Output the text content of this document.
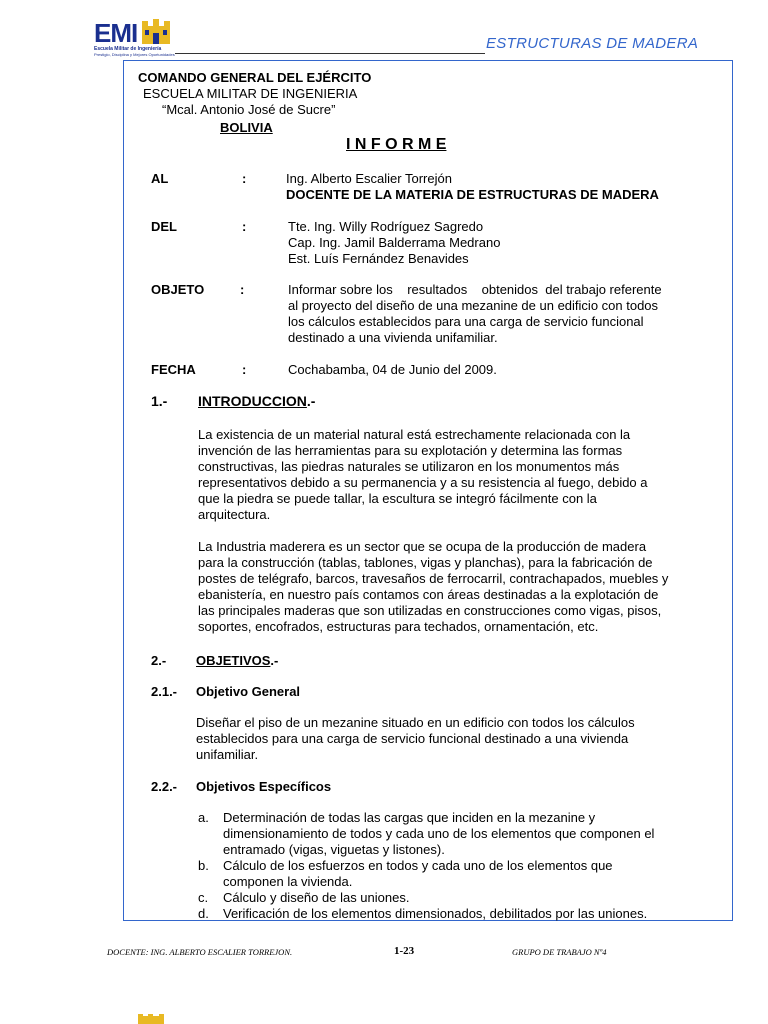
EMI
Escuela Militar de Ingeniería
Prestigio, Disciplina y Mejores Oportunidades
ESTRUCTURAS DE MADERA
COMANDO GENERAL DEL EJÉRCITO
ESCUELA MILITAR DE INGENIERIA
“Mcal. Antonio José de Sucre”
BOLIVIA
I N F O R M E
AL	:	Ing. Alberto Escalier Torrejón
DOCENTE DE LA MATERIA DE ESTRUCTURAS DE MADERA
DEL	:	Tte. Ing. Willy Rodríguez Sagredo
Cap. Ing. Jamil Balderrama Medrano
Est. Luís Fernández Benavides
OBJETO	:	Informar sobre los    resultados    obtenidos  del trabajo referente
al proyecto del diseño de una mezanine de un edificio con todos
los cálculos establecidos para una carga de servicio funcional
destinado a una vivienda unifamiliar.
FECHA	:	Cochabamba, 04 de Junio del 2009.
1.- INTRODUCCION.-
La existencia de un material natural está estrechamente relacionada con la
invención de las herramientas para su explotación y determina las formas
constructivas, las piedras naturales se utilizaron en los monumentos más
representativos debido a su permanencia y a su resistencia al fuego, debido a
que la piedra se puede tallar, la escultura se integró fácilmente con la
arquitectura.
La Industria maderera es un sector que se ocupa de la producción de madera
para la construcción (tablas, tablones, vigas y planchas), para la fabricación de
postes de telégrafo, barcos, travesaños de ferrocarril, contrachapados, muebles y
ebanistería, en nuestro país contamos con áreas destinadas a la explotación de
las principales maderas que son utilizadas en construcciones como vigas, pisos,
soportes, encofrados, estructuras para techados, ornamentación, etc.
2.- OBJETIVOS.-
2.1.- Objetivo General
Diseñar el piso de un mezanine situado en un edificio con todos los cálculos
establecidos para una carga de servicio funcional destinado a una vivienda
unifamiliar.
2.2.- Objetivos Específicos
a. Determinación de todas las cargas que inciden en la mezanine y
dimensionamiento de todos y cada uno de los elementos que componen el
entramado (vigas, viguetas y listones).
b. Cálculo de los esfuerzos en todos y cada uno de los elementos que
componen la vivienda.
c. Cálculo y diseño de las uniones.
d. Verificación de los elementos dimensionados, debilitados por las uniones.
DOCENTE: ING. ALBERTO ESCALIER TORREJON.	1-23	GRUPO DE TRABAJO Nº4
